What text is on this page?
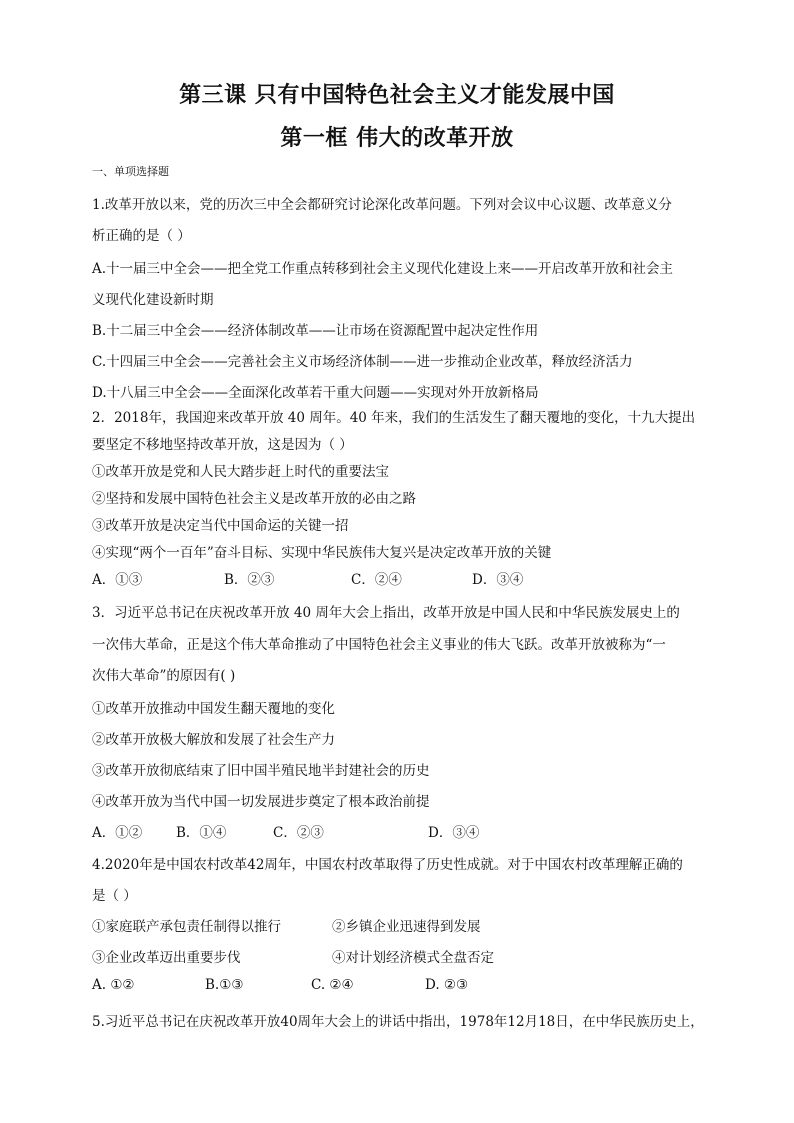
第三课 只有中国特色社会主义才能发展中国
第一框 伟大的改革开放
一、单项选择题
1.改革开放以来，党的历次三中全会都研究讨论深化改革问题。下列对会议中心议题、改革意义分
析正确的是（ ）
A.十一届三中全会——把全党工作重点转移到社会主义现代化建设上来——开启改革开放和社会主
义现代化建设新时期
B.十二届三中全会——经济体制改革——让市场在资源配置中起决定性作用
C.十四届三中全会——完善社会主义市场经济体制——进一步推动企业改革，释放经济活力
D.十八届三中全会——全面深化改革若干重大问题——实现对外开放新格局
2．2018年，我国迎来改革开放 40 周年。40 年来，我们的生活发生了翻天覆地的变化，十九大提出
要坚定不移地坚持改革开放，这是因为（ ）
①改革开放是党和人民大踏步赶上时代的重要法宝
②坚持和发展中国特色社会主义是改革开放的必由之路
③改革开放是决定当代中国命运的关键一招
④实现“两个一百年”奋斗目标、实现中华民族伟大复兴是决定改革开放的关键
A．①③	B．②③	C．②④	D．③④
3．习近平总书记在庆祝改革开放 40 周年大会上指出，改革开放是中国人民和中华民族发展史上的
一次伟大革命，正是这个伟大革命推动了中国特色社会主义事业的伟大飞跃。改革开放被称为“一
次伟大革命”的原因有( )
①改革开放推动中国发生翻天覆地的变化
②改革开放极大解放和发展了社会生产力
③改革开放彻底结束了旧中国半殖民地半封建社会的历史
④改革开放为当代中国一切发展进步奠定了根本政治前提
A．①②	B．①④	C．②③	D．③④
4.2020年是中国农村改革42周年，中国农村改革取得了历史性成就。对于中国农村改革理解正确的
是（ ）
①家庭联产承包责任制得以推行	②乡镇企业迅速得到发展
③企业改革迈出重要步伐	④对计划经济模式全盘否定
A. ①②	B.①③	C. ②④	D. ②③
5.习近平总书记在庆祝改革开放40周年大会上的讲话中指出，1978年12月18日，在中华民族历史上，
